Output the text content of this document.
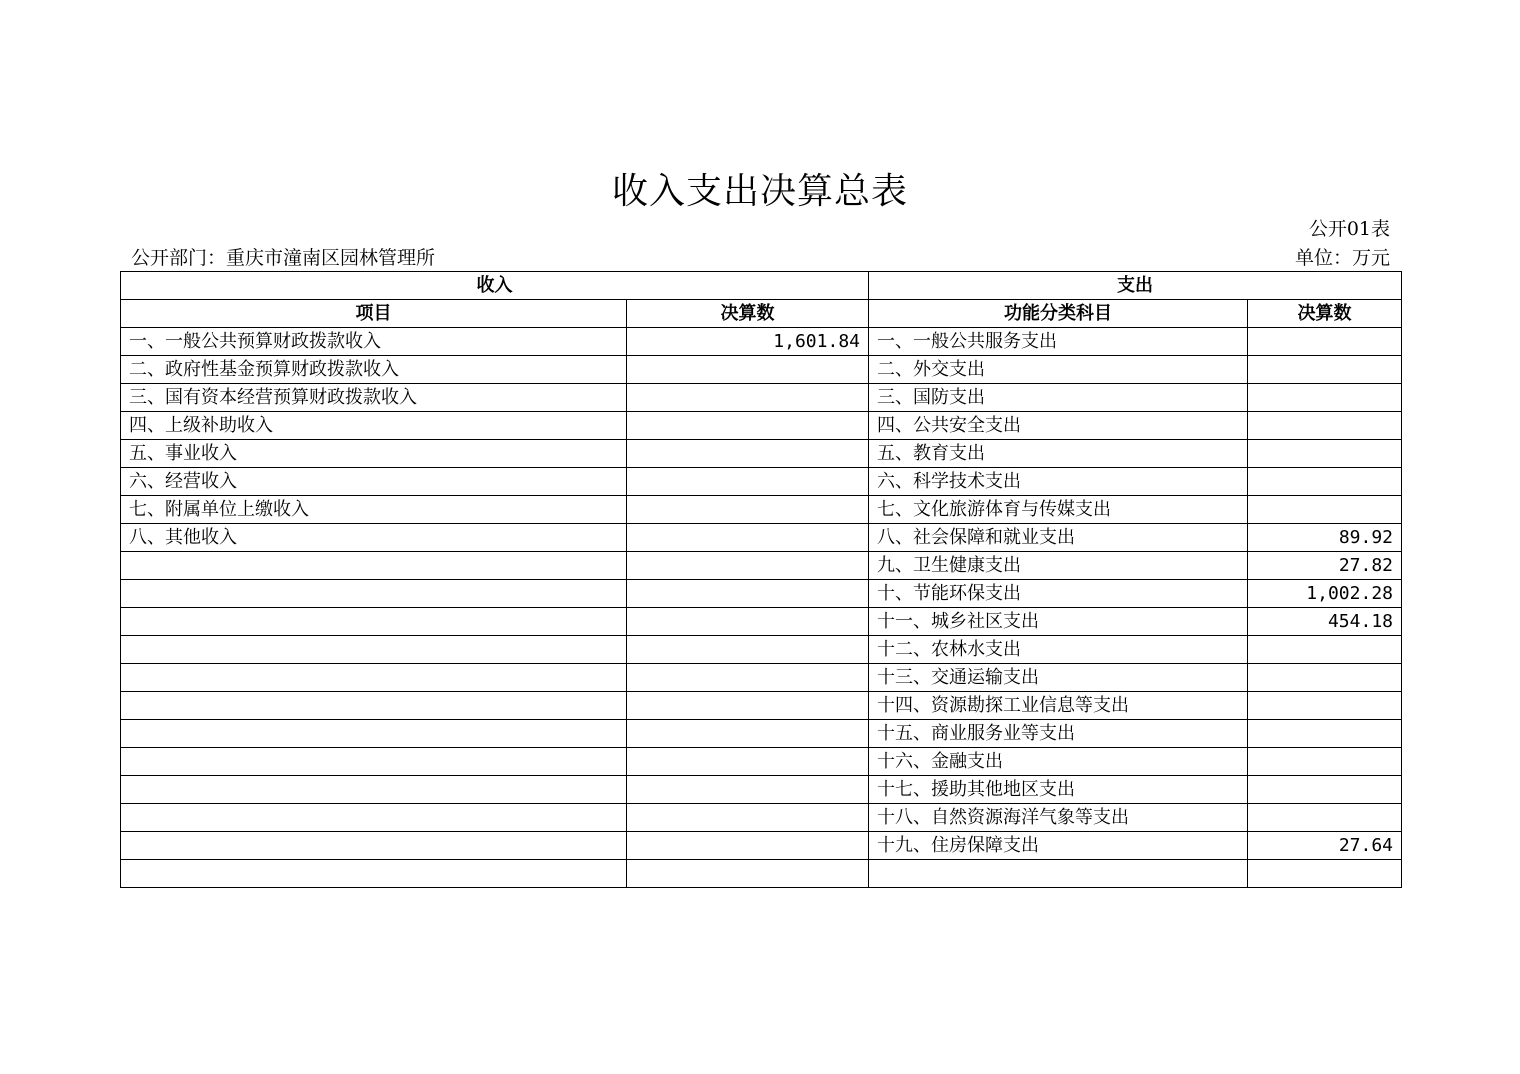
收入支出决算总表
公开01表
公开部门：重庆市潼南区园林管理所	单位：万元
收入		支出	
项目	决算数	功能分类科目	决算数
一、一般公共预算财政拨款收入	1,601.84	一、一般公共服务支出	
二、政府性基金预算财政拨款收入		二、外交支出	
三、国有资本经营预算财政拨款收入		三、国防支出	
四、上级补助收入		四、公共安全支出	
五、事业收入		五、教育支出	
六、经营收入		六、科学技术支出	
七、附属单位上缴收入		七、文化旅游体育与传媒支出	
八、其他收入		八、社会保障和就业支出	89.92
		九、卫生健康支出	27.82
		十、节能环保支出	1,002.28
		十一、城乡社区支出	454.18
		十二、农林水支出	
		十三、交通运输支出	
		十四、资源勘探工业信息等支出	
		十五、商业服务业等支出	
		十六、金融支出	
		十七、援助其他地区支出	
		十八、自然资源海洋气象等支出	
		十九、住房保障支出	27.64
